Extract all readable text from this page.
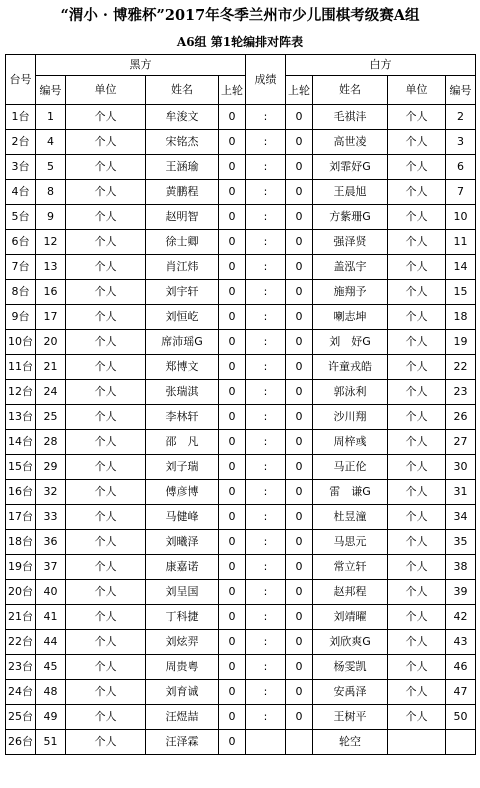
“渭小 · 博雅杯”2017年冬季兰州市少儿围棋考级赛A组
A6组 第1轮编排对阵表
台号	黑方				成绩	白方			
	编号	单位	姓名	上轮		上轮	姓名	单位	编号
1台	1	个人	牟浚文	0	:	0	毛祺沣	个人	2
2台	4	个人	宋铭杰	0	:	0	高世凌	个人	3
3台	5	个人	王涵瑜	0	:	0	刘霏妤G	个人	6
4台	8	个人	黄鹏程	0	:	0	王晨旭	个人	7
5台	9	个人	赵明智	0	:	0	方紫珊G	个人	10
6台	12	个人	徐士卿	0	:	0	强泽贤	个人	11
7台	13	个人	肖江炜	0	:	0	盖泓宇	个人	14
8台	16	个人	刘宇轩	0	:	0	施翔予	个人	15
9台	17	个人	刘恒屹	0	:	0	喇志坤	个人	18
10台	20	个人	席沛瑶G	0	:	0	刘　妤G	个人	19
11台	21	个人	郑博文	0	:	0	许童戎皓	个人	22
12台	24	个人	张瑞淇	0	:	0	郭泳利	个人	23
13台	25	个人	李林轩	0	:	0	沙川翔	个人	26
14台	28	个人	邵　凡	0	:	0	周梓彧	个人	27
15台	29	个人	刘子瑞	0	:	0	马正伦	个人	30
16台	32	个人	傅彦博	0	:	0	雷　谦G	个人	31
17台	33	个人	马健峰	0	:	0	杜昱潼	个人	34
18台	36	个人	刘曦泽	0	:	0	马思元	个人	35
19台	37	个人	康嘉诺	0	:	0	常立轩	个人	38
20台	40	个人	刘呈国	0	:	0	赵邦程	个人	39
21台	41	个人	丁科捷	0	:	0	刘靖曜	个人	42
22台	44	个人	刘炫羿	0	:	0	刘欣爽G	个人	43
23台	45	个人	周贵粤	0	:	0	杨雯凯	个人	46
24台	48	个人	刘育诚	0	:	0	安禹泽	个人	47
25台	49	个人	汪煜喆	0	:	0	王树平	个人	50
26台	51	个人	汪泽霖	0			轮空		
